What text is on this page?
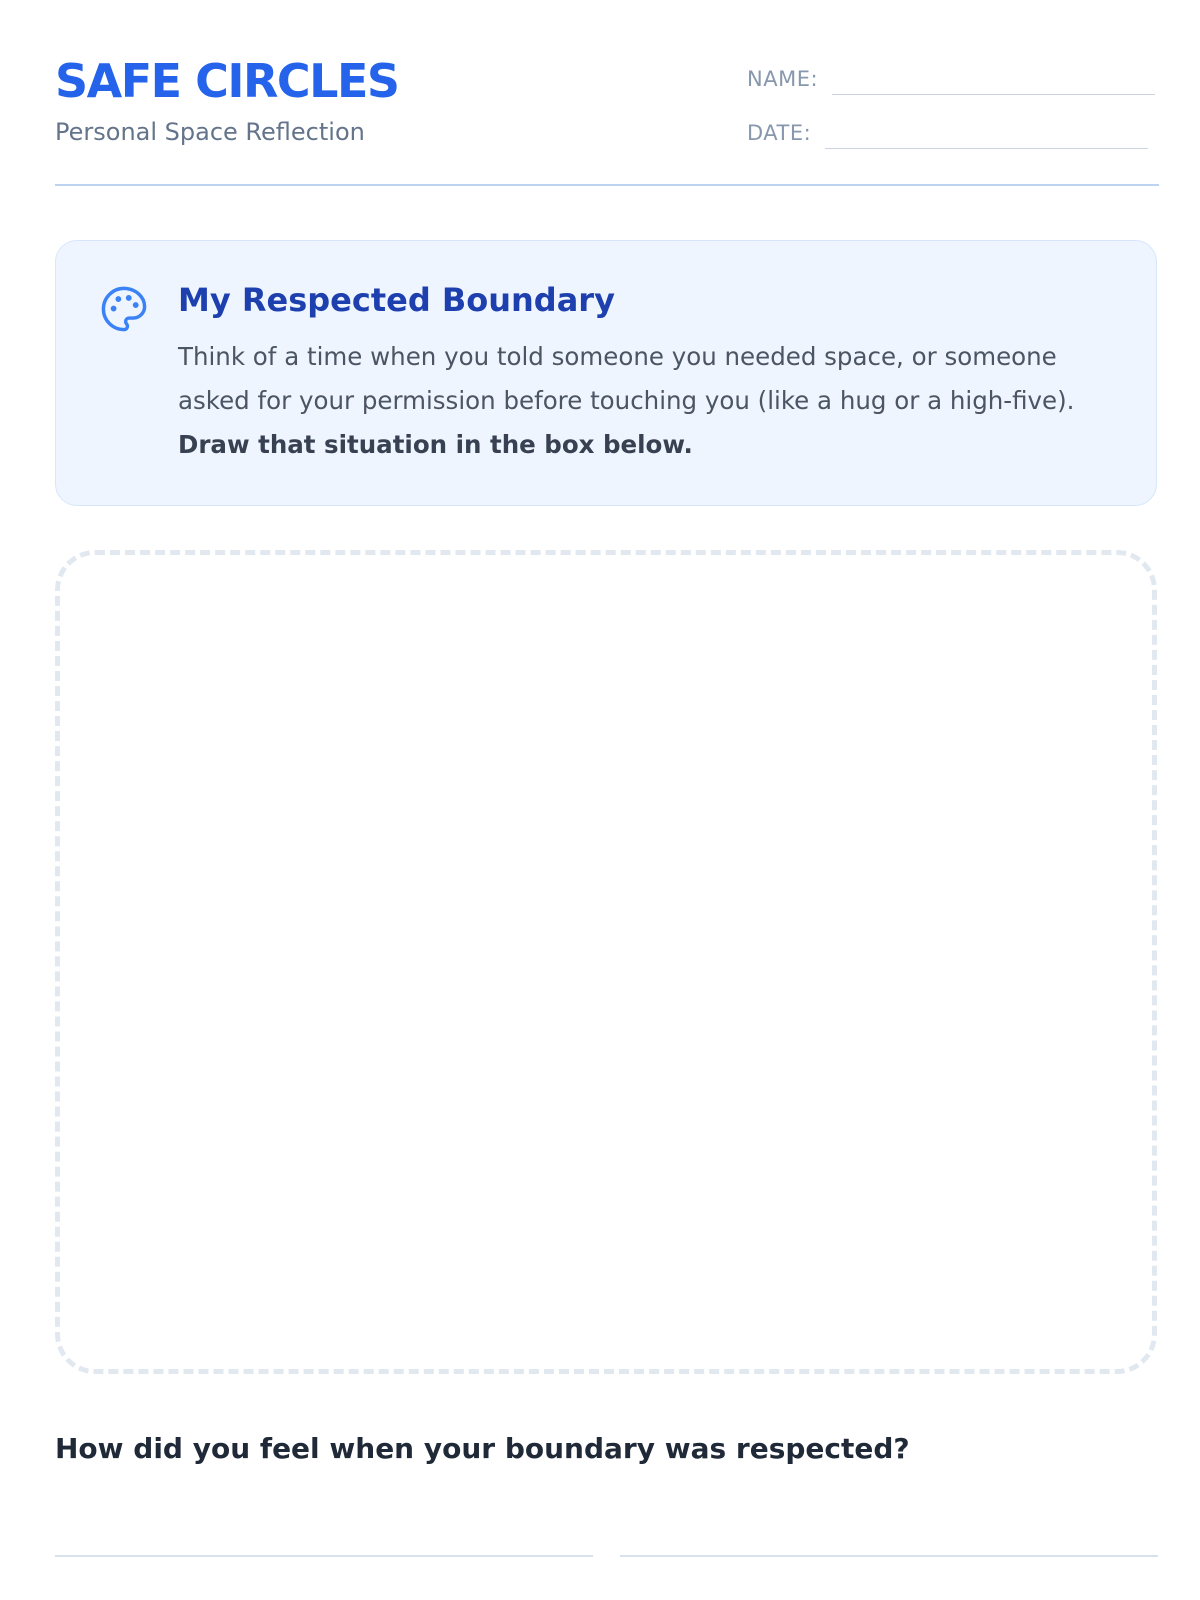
SAFE CIRCLES
Personal Space Reflection
NAME:
DATE:
My Respected Boundary

Think of a time when you told someone you needed space, or someone asked for your permission before touching you (like a hug or a high-five). Draw that situation in the box below.

How did you feel when your boundary was respected?
